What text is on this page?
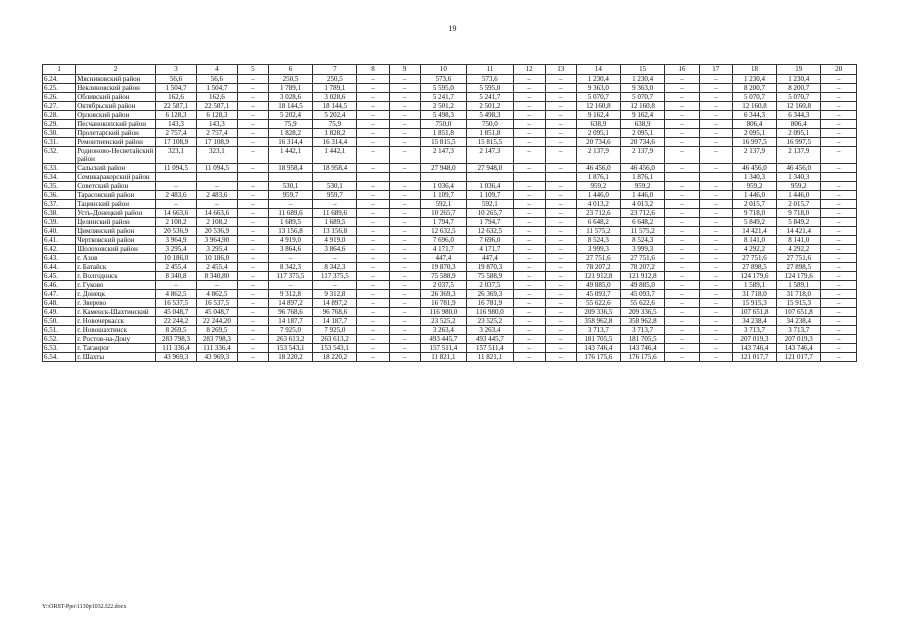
19
1	2	3	4	5	6	7	8	9	10	11	12	13	14	15	16	17	18	19	20
6.24.	Мясниковский район	56,6	56,6	–	250,5	250,5	–	–	573,6	573,6	–	–	1 230,4	1 230,4	–	–	1 230,4	1 230,4	–
6.25.	Неклиновский район	1 504,7	1 504,7	–	1 789,1	1 789,1	–	–	5 595,0	5 595,0	–	–	9 363,0	9 363,0	–	–	8 200,7	8 200,7	–
6.26.	Обливский район	162,6	162,6	–	3 028,6	3 028,6	–	–	5 241,7	5 241,7	–	–	5 070,7	5 070,7	–	–	5 070,7	5 070,7	–
6.27.	Октябрьский район	22 587,1	22 587,1	–	18 144,5	18 144,5	–	–	2 501,2	2 501,2	–	–	12 160,8	12 160,8	–	–	12 160,8	12 160,8	–
6.28.	Орловский район	6 128,3	6 128,3	–	5 202,4	5 202,4	–	–	5 498,3	5 498,3	–	–	9 162,4	9 162,4	–	–	6 344,3	6 344,3	–
6.29.	Песчанокопский район	143,3	143,3	–	75,9	75,9	–	–	750,0	750,0	–	–	638,9	638,9	–	–	806,4	806,4	–
6.30.	Пролетарский район	2 757,4	2 757,4	–	1 828,2	1 828,2	–	–	1 851,8	1 851,8	–	–	2 095,1	2 095,1	–	–	2 095,1	2 095,1	–
6.31.	Ремонтненский район	17 108,9	17 108,9	–	16 314,4	16 314,4	–	–	15 815,5	15 815,5	–	–	20 734,6	20 734,6	–	–	16 997,5	16 997,5	–
6.32.	Родионово-Несветайский район	323,1	323,1	–	1 442,1	1 442,1	–	–	2 147,3	2 147,3	–	–	2 137,9	2 137,9	–	–	2 137,9	2 137,9	–
6.33.	Сальский район	11 094,5	11 094,5	–	18 958,4	18 958,4	–	–	27 948,0	27 948,0	–	–	46 456,0	46 456,0	–	–	46 456,0	46 456,0	–
6.34.	Семикаракорский район												1 876,1	1 876,1			1 340,3	1 340,3	
6.35.	Советский район	–	–	–	530,1	530,1	–	–	1 036,4	1 036,4	–	–	959,2	959,2	–	–	959,2	959,2	–
6.36.	Тарасовский район	2 483,6	2 483,6	–	959,7	959,7	–	–	1 109,7	1 109,7	–	–	1 446,0	1 446,0	–	–	1 446,0	1 446,0	–
6.37.	Тацинский район	–	–	–	–	–	–	–	592,1	592,1	–	–	4 013,2	4 013,2	–	–	2 015,7	2 015,7	–
6.38.	Усть-Донецкий район	14 663,6	14 663,6	–	11 689,6	11 689,6	–	–	10 265,7	10 265,7	–	–	23 712,6	23 712,6	–	–	9 718,0	9 718,0	–
6.39.	Целинский район	2 108,2	2 108,2	–	1 689,5	1 689,5	–	–	1 794,7	1 794,7	–	–	6 648,2	6 648,2	–	–	5 849,2	5 849,2	–
6.40.	Цимлянский район	20 536,9	20 536,9	–	13 156,8	13 156,8	–	–	12 632,5	12 632,5	–	–	11 575,2	11 575,2	–	–	14 421,4	14 421,4	–
6.41.	Чертковский район	3 964,9	3 964,90	–	4 919,0	4 919,0	–	–	7 696,0	7 696,0	–	–	8 524,3	8 524,3	–	–	8 141,0	8 141,0	–
6.42.	Шолоховский район	3 295,4	3 295,4	–	3 864,6	3 864,6	–	–	4 171,7	4 171,7	–	–	3 999,3	3 999,3	–	–	4 292,2	4 292,2	–
6.43.	г. Азов	10 186,0	10 186,0	–	–	–	–	–	447,4	447,4	–	–	27 751,6	27 751,6	–	–	27 751,6	27 751,6	–
6.44.	г. Батайск	2 455,4	2 455,4	–	8 342,3	8 342,3	–	–	19 870,3	19 870,3	–	–	78 207,2	78 207,2	–	–	27 898,5	27 898,5	–
6.45.	г. Волгодонск	8 340,8	8 340,80	–	117 375,5	117 375,5	–	–	75 588,9	75 588,9	–	–	121 912,8	121 912,8	–	–	124 179,6	124 179,6	–
6.46.	г. Гуково	–	–	–	–	–	–	–	2 037,5	2 037,5	–	–	49 885,0	49 885,0	–	–	1 589,1	1 589,1	–
6.47.	г. Донецк	4 862,5	4 862,5	–	9 312,8	9 312,8	–	–	26 369,3	26 369,3	–	–	45 093,7	45 093,7	–	–	31 718,0	31 718,0	–
6.48.	г. Зверево	16 537,5	16 537,5	–	14 897,2	14 897,2	–	–	16 781,9	16 781,9	–	–	55 622,6	55 622,6	–	–	15 915,3	15 915,3	–
6.49.	г. Каменск-Шахтинский	45 048,7	45 048,7	–	96 768,6	96 768,6	–	–	116 980,0	116 980,0	–	–	209 336,5	209 336,5	–	–	107 651,8	107 651,8	–
6.50.	г. Новочеркасск	22 244,2	22 244,20	–	14 187,7	14 187,7	–	–	23 525,2	23 525,2	–	–	358 962,8	358 962,8	–	–	34 238,4	34 238,4	–
6.51.	г. Новошахтинск	8 269,5	8 269,5	–	7 925,0	7 925,0	–	–	3 263,4	3 263,4	–	–	3 713,7	3 713,7	–	–	3 713,7	3 713,7	–
6.52.	г. Ростов-на-Дону	283 798,3	283 798,3	–	263 613,2	263 613,2	–	–	493 445,7	493 445,7	–	–	181 705,5	181 705,5	–	–	207 019,3	207 019,3	–
6.53.	г. Таганрог	111 336,4	111 336,4	–	153 543,1	153 543,1	–	–	157 511,4	157 511,4	–	–	143 746,4	143 746,4	–	–	143 746,4	143 746,4	–
6.54.	г. Шахты	43 969,3	43 969,3	–	18 220,2	18 220,2	–	–	11 821,1	11 821,1	–	–	176 175,6	176 175,6	–	–	121 017,7	121 017,7	–
Y:\ORST-Ppo\1130p1032.f22.docx
